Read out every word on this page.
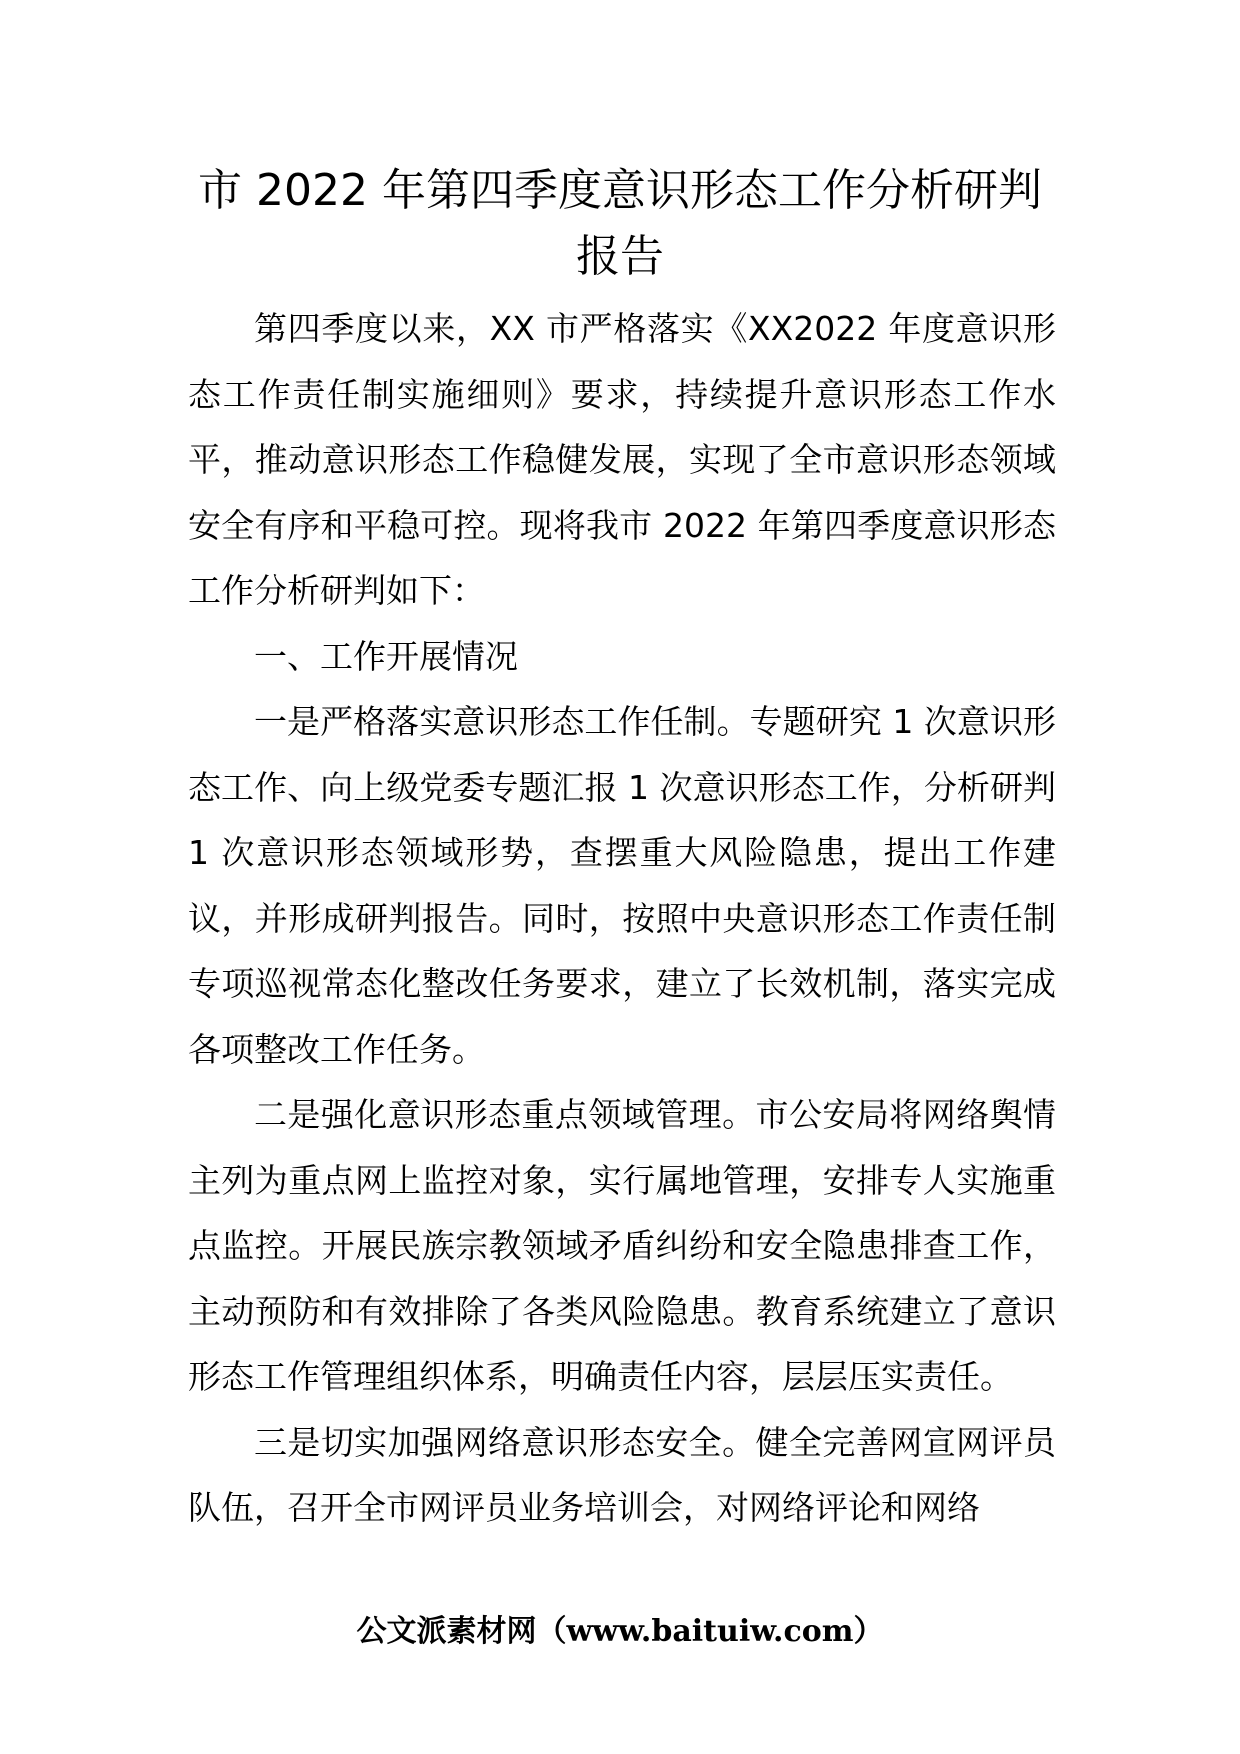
市 2022 年第四季度意识形态工作分析研判
报告

第四季度以来，XX 市严格落实《XX2022 年度意识形态工作责任制实施细则》要求，持续提升意识形态工作水平，推动意识形态工作稳健发展，实现了全市意识形态领域安全有序和平稳可控。现将我市 2022 年第四季度意识形态工作分析研判如下：

一、工作开展情况

一是严格落实意识形态工作任制。专题研究 1 次意识形态工作、向上级党委专题汇报 1 次意识形态工作，分析研判 1 次意识形态领域形势，查摆重大风险隐患，提出工作建议，并形成研判报告。同时，按照中央意识形态工作责任制专项巡视常态化整改任务要求，建立了长效机制，落实完成各项整改工作任务。

二是强化意识形态重点领域管理。市公安局将网络舆情主列为重点网上监控对象，实行属地管理，安排专人实施重点监控。开展民族宗教领域矛盾纠纷和安全隐患排查工作，主动预防和有效排除了各类风险隐患。教育系统建立了意识形态工作管理组织体系，明确责任内容，层层压实责任。

三是切实加强网络意识形态安全。健全完善网宣网评员队伍，召开全市网评员业务培训会，对网络评论和网络

公文派素材网（www.baituiw.com）
